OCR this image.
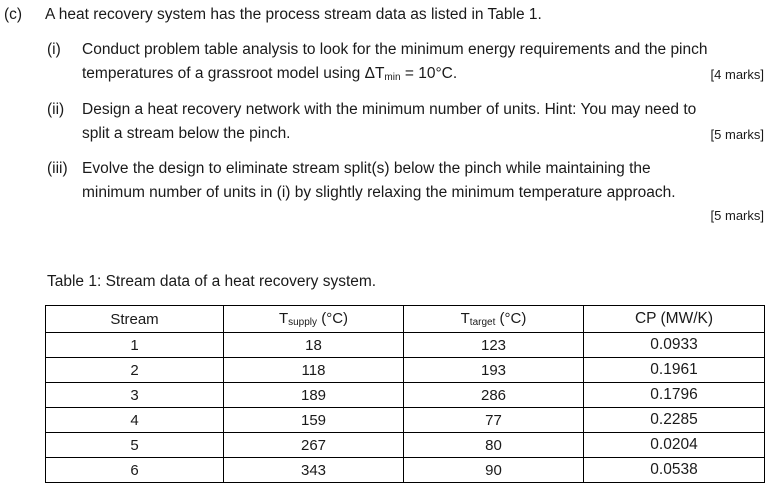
(c) A heat recovery system has the process stream data as listed in Table 1.
(i) Conduct problem table analysis to look for the minimum energy requirements and the pinch
temperatures of a grassroot model using $\Delta T_{min} = 10^\circ C$.	[4 marks]
(ii) Design a heat recovery network with the minimum number of units. Hint: You may need to
split a stream below the pinch.	[5 marks]
(iii) Evolve the design to eliminate stream split(s) below the pinch while maintaining the
minimum number of units in (i) by slightly relaxing the minimum temperature approach.
[5 marks]
Table 1: Stream data of a heat recovery system.
Stream	$T_{supply}$ (°C)	$T_{target}$ (°C)	CP (MW/K)
1	18	123	0.0933
2	118	193	0.1961
3	189	286	0.1796
4	159	77	0.2285
5	267	80	0.0204
6	343	90	0.0538
